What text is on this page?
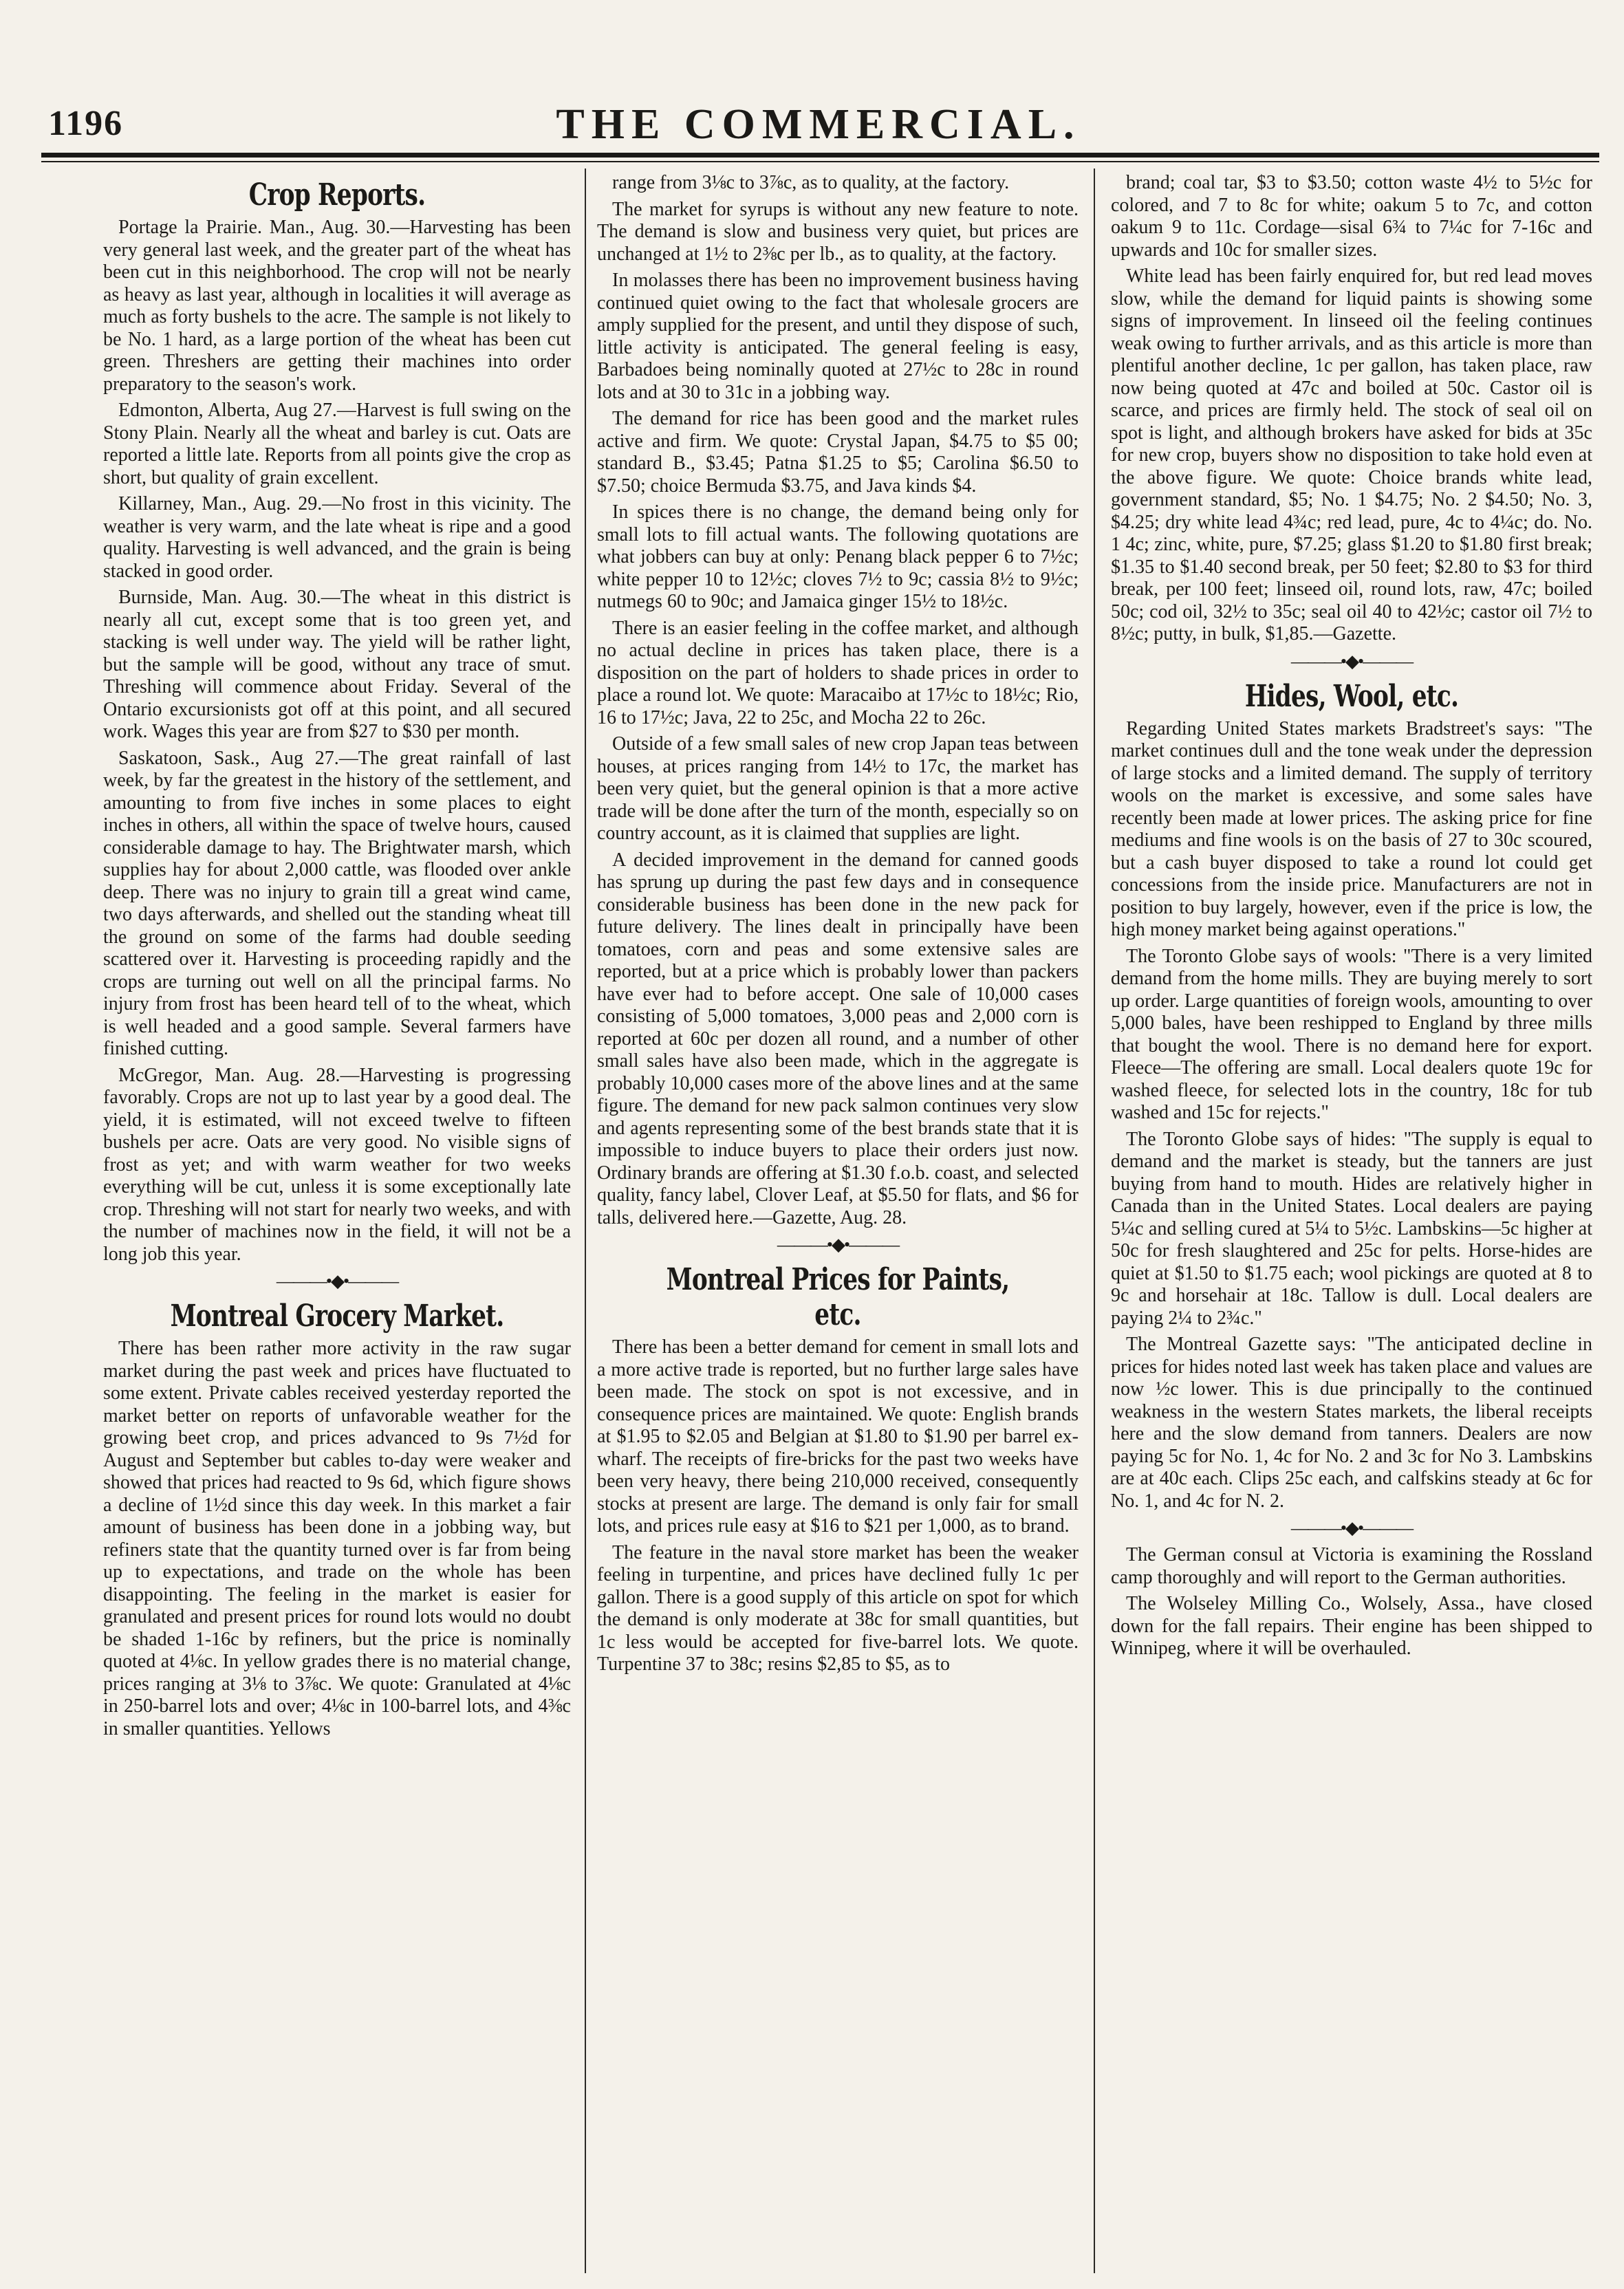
1196	THE COMMERCIAL.
Crop Reports.

Portage la Prairie. Man., Aug. 30.—Harvesting has been very general last week, and the greater part of the wheat has been cut in this neighborhood. The crop will not be nearly as heavy as last year, although in localities it will average as much as forty bushels to the acre. The sample is not likely to be No. 1 hard, as a large portion of the wheat has been cut green. Threshers are getting their machines into order preparatory to the season's work.

Edmonton, Alberta, Aug 27.—Harvest is full swing on the Stony Plain. Nearly all the wheat and barley is cut. Oats are reported a little late. Reports from all points give the crop as short, but quality of grain excellent.

Killarney, Man., Aug. 29.—No frost in this vicinity. The weather is very warm, and the late wheat is ripe and a good quality. Harvesting is well advanced, and the grain is being stacked in good order.

Burnside, Man. Aug. 30.—The wheat in this district is nearly all cut, except some that is too green yet, and stacking is well under way. The yield will be rather light, but the sample will be good, without any trace of smut. Threshing will commence about Friday. Several of the Ontario excursionists got off at this point, and all secured work. Wages this year are from $27 to $30 per month.

Saskatoon, Sask., Aug 27.—The great rainfall of last week, by far the greatest in the history of the settlement, and amounting to from five inches in some places to eight inches in others, all within the space of twelve hours, caused considerable damage to hay. The Brightwater marsh, which supplies hay for about 2,000 cattle, was flooded over ankle deep. There was no injury to grain till a great wind came, two days afterwards, and shelled out the standing wheat till the ground on some of the farms had double seeding scattered over it. Harvesting is proceeding rapidly and the crops are turning out well on all the principal farms. No injury from frost has been heard tell of to the wheat, which is well headed and a good sample. Several farmers have finished cutting.

McGregor, Man. Aug. 28.—Harvesting is progressing favorably. Crops are not up to last year by a good deal. The yield, it is estimated, will not exceed twelve to fifteen bushels per acre. Oats are very good. No visible signs of frost as yet; and with warm weather for two weeks everything will be cut, unless it is some exceptionally late crop. Threshing will not start for nearly two weeks, and with the number of machines now in the field, it will not be a long job this year.

———•◆•———
Montreal Grocery Market.

There has been rather more activity in the raw sugar market during the past week and prices have fluctuated to some extent. Private cables received yesterday reported the market better on reports of unfavorable weather for the growing beet crop, and prices advanced to 9s 7½d for August and September but cables to-day were weaker and showed that prices had reacted to 9s 6d, which figure shows a decline of 1½d since this day week. In this market a fair amount of business has been done in a jobbing way, but refiners state that the quantity turned over is far from being up to expectations, and trade on the whole has been disappointing. The feeling in the market is easier for granulated and present prices for round lots would no doubt be shaded 1-16c by refiners, but the price is nominally quoted at 4⅛c. In yellow grades there is no material change, prices ranging at 3⅛ to 3⅞c. We quote: Granulated at 4⅛c in 250-barrel lots and over; 4⅛c in 100-barrel lots, and 4⅜c in smaller quantities. Yellows

range from 3⅛c to 3⅞c, as to quality, at the factory.

The market for syrups is without any new feature to note. The demand is slow and business very quiet, but prices are unchanged at 1½ to 2⅜c per lb., as to quality, at the factory.

In molasses there has been no improvement business having continued quiet owing to the fact that wholesale grocers are amply supplied for the present, and until they dispose of such, little activity is anticipated. The general feeling is easy, Barbadoes being nominally quoted at 27½c to 28c in round lots and at 30 to 31c in a jobbing way.

The demand for rice has been good and the market rules active and firm. We quote: Crystal Japan, $4.75 to $5 00; standard B., $3.45; Patna $1.25 to $5; Carolina $6.50 to $7.50; choice Bermuda $3.75, and Java kinds $4.

In spices there is no change, the demand being only for small lots to fill actual wants. The following quotations are what jobbers can buy at only: Penang black pepper 6 to 7½c; white pepper 10 to 12½c; cloves 7½ to 9c; cassia 8½ to 9½c; nutmegs 60 to 90c; and Jamaica ginger 15½ to 18½c.

There is an easier feeling in the coffee market, and although no actual decline in prices has taken place, there is a disposition on the part of holders to shade prices in order to place a round lot. We quote: Maracaibo at 17½c to 18½c; Rio, 16 to 17½c; Java, 22 to 25c, and Mocha 22 to 26c.

Outside of a few small sales of new crop Japan teas between houses, at prices ranging from 14½ to 17c, the market has been very quiet, but the general opinion is that a more active trade will be done after the turn of the month, especially so on country account, as it is claimed that supplies are light.

A decided improvement in the demand for canned goods has sprung up during the past few days and in consequence considerable business has been done in the new pack for future delivery. The lines dealt in principally have been tomatoes, corn and peas and some extensive sales are reported, but at a price which is probably lower than packers have ever had to before accept. One sale of 10,000 cases consisting of 5,000 tomatoes, 3,000 peas and 2,000 corn is reported at 60c per dozen all round, and a number of other small sales have also been made, which in the aggregate is probably 10,000 cases more of the above lines and at the same figure. The demand for new pack salmon continues very slow and agents representing some of the best brands state that it is impossible to induce buyers to place their orders just now. Ordinary brands are offering at $1.30 f.o.b. coast, and selected quality, fancy label, Clover Leaf, at $5.50 for flats, and $6 for talls, delivered here.—Gazette, Aug. 28.

———•◆•———
Montreal Prices for Paints, etc.

There has been a better demand for cement in small lots and a more active trade is reported, but no further large sales have been made. The stock on spot is not excessive, and in consequence prices are maintained. We quote: English brands at $1.95 to $2.05 and Belgian at $1.80 to $1.90 per barrel ex-wharf. The receipts of fire-bricks for the past two weeks have been very heavy, there being 210,000 received, consequently stocks at present are large. The demand is only fair for small lots, and prices rule easy at $16 to $21 per 1,000, as to brand.

The feature in the naval store market has been the weaker feeling in turpentine, and prices have declined fully 1c per gallon. There is a good supply of this article on spot for which the demand is only moderate at 38c for small quantities, but 1c less would be accepted for five-barrel lots. We quote. Turpentine 37 to 38c; resins $2,85 to $5, as to

brand; coal tar, $3 to $3.50; cotton waste 4½ to 5½c for colored, and 7 to 8c for white; oakum 5 to 7c, and cotton oakum 9 to 11c. Cordage—sisal 6¾ to 7¼c for 7-16c and upwards and 10c for smaller sizes.

White lead has been fairly enquired for, but red lead moves slow, while the demand for liquid paints is showing some signs of improvement. In linseed oil the feeling continues weak owing to further arrivals, and as this article is more than plentiful another decline, 1c per gallon, has taken place, raw now being quoted at 47c and boiled at 50c. Castor oil is scarce, and prices are firmly held. The stock of seal oil on spot is light, and although brokers have asked for bids at 35c for new crop, buyers show no disposition to take hold even at the above figure. We quote: Choice brands white lead, government standard, $5; No. 1 $4.75; No. 2 $4.50; No. 3, $4.25; dry white lead 4¾c; red lead, pure, 4c to 4¼c; do. No. 1 4c; zinc, white, pure, $7.25; glass $1.20 to $1.80 first break; $1.35 to $1.40 second break, per 50 feet; $2.80 to $3 for third break, per 100 feet; linseed oil, round lots, raw, 47c; boiled 50c; cod oil, 32½ to 35c; seal oil 40 to 42½c; castor oil 7½ to 8½c; putty, in bulk, $1,85.—Gazette.

———•◆•———
Hides, Wool, etc.

Regarding United States markets Bradstreet's says: "The market continues dull and the tone weak under the depression of large stocks and a limited demand. The supply of territory wools on the market is excessive, and some sales have recently been made at lower prices. The asking price for fine mediums and fine wools is on the basis of 27 to 30c scoured, but a cash buyer disposed to take a round lot could get concessions from the inside price. Manufacturers are not in position to buy largely, however, even if the price is low, the high money market being against operations."

The Toronto Globe says of wools: "There is a very limited demand from the home mills. They are buying merely to sort up order. Large quantities of foreign wools, amounting to over 5,000 bales, have been reshipped to England by three mills that bought the wool. There is no demand here for export. Fleece—The offering are small. Local dealers quote 19c for washed fleece, for selected lots in the country, 18c for tub washed and 15c for rejects."

The Toronto Globe says of hides: "The supply is equal to demand and the market is steady, but the tanners are just buying from hand to mouth. Hides are relatively higher in Canada than in the United States. Local dealers are paying 5¼c and selling cured at 5¼ to 5½c. Lambskins—5c higher at 50c for fresh slaughtered and 25c for pelts. Horse-hides are quiet at $1.50 to $1.75 each; wool pickings are quoted at 8 to 9c and horsehair at 18c. Tallow is dull. Local dealers are paying 2¼ to 2¾c."

The Montreal Gazette says: "The anticipated decline in prices for hides noted last week has taken place and values are now ½c lower. This is due principally to the continued weakness in the western States markets, the liberal receipts here and the slow demand from tanners. Dealers are now paying 5c for No. 1, 4c for No. 2 and 3c for No 3. Lambskins are at 40c each. Clips 25c each, and calfskins steady at 6c for No. 1, and 4c for N. 2.

———•◆•———

The German consul at Victoria is examining the Rossland camp thoroughly and will report to the German authorities.

The Wolseley Milling Co., Wolsely, Assa., have closed down for the fall repairs. Their engine has been shipped to Winnipeg, where it will be overhauled.
